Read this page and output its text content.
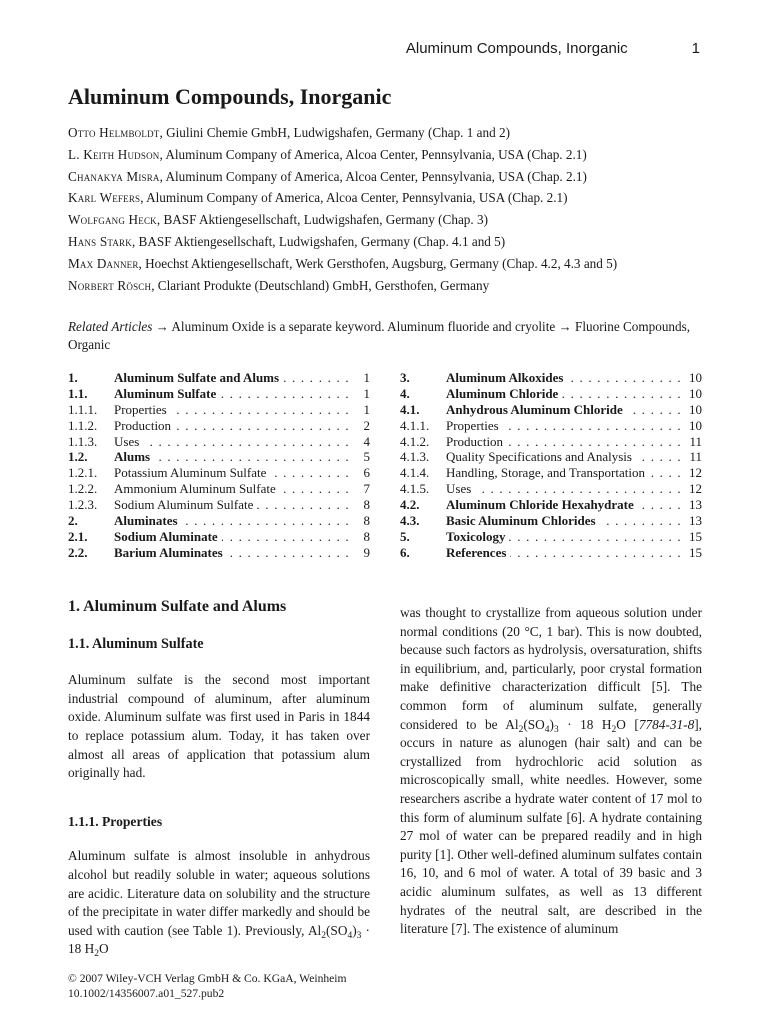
Aluminum Compounds, Inorganic	1
Aluminum Compounds, Inorganic
Otto Helmboldt, Giulini Chemie GmbH, Ludwigshafen, Germany (Chap. 1 and 2)
L. Keith Hudson, Aluminum Company of America, Alcoa Center, Pennsylvania, USA (Chap. 2.1)
Chanakya Misra, Aluminum Company of America, Alcoa Center, Pennsylvania, USA (Chap. 2.1)
Karl Wefers, Aluminum Company of America, Alcoa Center, Pennsylvania, USA (Chap. 2.1)
Wolfgang Heck, BASF Aktiengesellschaft, Ludwigshafen, Germany (Chap. 3)
Hans Stark, BASF Aktiengesellschaft, Ludwigshafen, Germany (Chap. 4.1 and 5)
Max Danner, Hoechst Aktiengesellschaft, Werk Gersthofen, Augsburg, Germany (Chap. 4.2, 4.3 and 5)
Norbert Rösch, Clariant Produkte (Deutschland) GmbH, Gersthofen, Germany
Related Articles → Aluminum Oxide is a separate keyword. Aluminum fluoride and cryolite → Fluorine Compounds, Organic
1.	Aluminum Sulfate and Alums . . .	1
1.1.	Aluminum Sulfate . . .	1
1.1.1.	Properties . . .	1
1.1.2.	Production . . .	2
1.1.3.	Uses . . .	4
1.2.	Alums . . .	5
1.2.1.	Potassium Aluminum Sulfate . . .	6
1.2.2.	Ammonium Aluminum Sulfate . . .	7
1.2.3.	Sodium Aluminum Sulfate . . .	8
2.	Aluminates . . .	8
2.1.	Sodium Aluminate . . .	8
2.2.	Barium Aluminates . . .	9
3.	Aluminum Alkoxides . . .	10
4.	Aluminum Chloride . . .	10
4.1.	Anhydrous Aluminum Chloride . . .	10
4.1.1.	Properties . . .	10
4.1.2.	Production . . .	11
4.1.3.	Quality Specifications and Analysis . . .	11
4.1.4.	Handling, Storage, and Transportation . . .	12
4.1.5.	Uses . . .	12
4.2.	Aluminum Chloride Hexahydrate . . .	13
4.3.	Basic Aluminum Chlorides . . .	13
5.	Toxicology . . .	15
6.	References . . .	15
1. Aluminum Sulfate and Alums
1.1. Aluminum Sulfate

Aluminum sulfate is the second most important industrial compound of aluminum, after aluminum oxide. Aluminum sulfate was first used in Paris in 1844 to replace potassium alum. Today, it has taken over almost all areas of application that potassium alum originally had.

1.1.1. Properties

Aluminum sulfate is almost insoluble in anhydrous alcohol but readily soluble in water; aqueous solutions are acidic. Literature data on solubility and the structure of the precipitate in water differ markedly and should be used with caution (see Table 1). Previously, $Al_2(SO_4)_3 \cdot 18$ $H_2O$

was thought to crystallize from aqueous solution under normal conditions (20 °C, 1 bar). This is now doubted, because such factors as hydrolysis, oversaturation, shifts in equilibrium, and, particularly, poor crystal formation make definitive characterization difficult [5]. The common form of aluminum sulfate, generally considered to be $Al_2(SO_4)_3 \cdot 18$ $H_2O$ [7784-31-8], occurs in nature as alunogen (hair salt) and can be crystallized from hydrochloric acid solution as microscopically small, white needles. However, some researchers ascribe a hydrate water content of 17 mol to this form of aluminum sulfate [6]. A hydrate containing 27 mol of water can be prepared readily and in high purity [1]. Other well-defined aluminum sulfates contain 16, 10, and 6 mol of water. A total of 39 basic and 3 acidic aluminum sulfates, as well as 13 different hydrates of the neutral salt, are described in the literature [7]. The existence of aluminum

© 2007 Wiley-VCH Verlag GmbH & Co. KGaA, Weinheim
10.1002/14356007.a01_527.pub2
